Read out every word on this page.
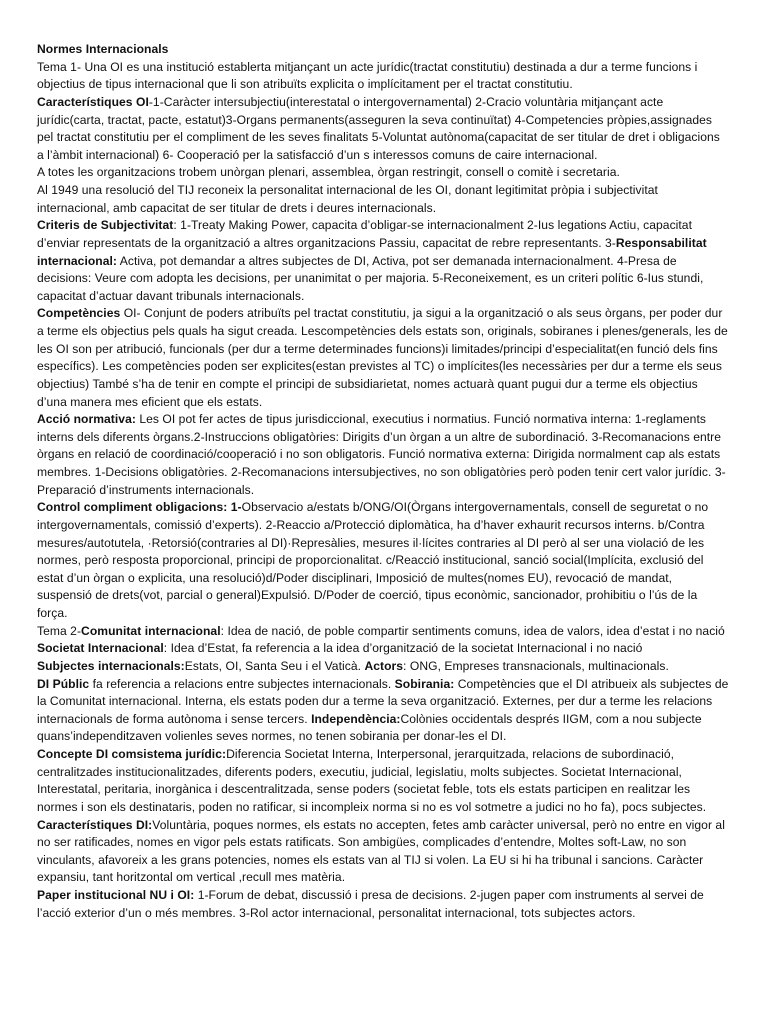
Normes Internacionals

Tema 1- Una OI es una institució establerta mitjançant un acte jurídic(tractat constitutiu) destinada a dur a terme funcions i objectius de tipus internacional que li son atribuïts explicita o implícitament per el tractat constitutiu.

Característiques OI-1-Caràcter intersubjectiu(interestatal o intergovernamental) 2-Cracio voluntària mitjançant acte jurídic(carta, tractat, pacte, estatut)3-Organs permanents(asseguren la seva continuïtat) 4-Competencies pròpies,assignades pel tractat constitutiu per el compliment de les seves finalitats 5-Voluntat autònoma(capacitat de ser titular de dret i obligacions a l’àmbit internacional) 6- Cooperació per la satisfacció d’un s interessos comuns de caire internacional.

A totes les organitzacions trobem unòrgan plenari, assemblea, òrgan restringit, consell o comitè i secretaria.

Al 1949 una resolució del TIJ reconeix la personalitat internacional de les OI, donant legitimitat pròpia i subjectivitat internacional, amb capacitat de ser titular de drets i deures internacionals.

Criteris de Subjectivitat: 1-Treaty Making Power, capacita d’obligar-se internacionalment 2-Ius legations Actiu, capacitat d’enviar representats de la organització a altres organitzacions Passiu, capacitat de rebre representants. 3-Responsabilitat internacional: Activa, pot demandar a altres subjectes de DI, Activa, pot ser demanada internacionalment. 4-Presa de decisions: Veure com adopta les decisions, per unanimitat o per majoria. 5-Reconeixement, es un criteri polític 6-Ius stundi, capacitat d’actuar davant tribunals internacionals.

Competències OI- Conjunt de poders atribuïts pel tractat constitutiu, ja sigui a la organització o als seus òrgans, per poder dur a terme els objectius pels quals ha sigut creada. Lescompetències dels estats son, originals, sobiranes i plenes/generals, les de les OI son per atribució, funcionals (per dur a terme determinades funcions)i limitades/principi d’especialitat(en funció dels fins específics). Les competències poden ser explicites(estan previstes al TC) o implícites(les necessàries per dur a terme els seus objectius) També s’ha de tenir en compte el principi de subsidiarietat, nomes actuarà quant pugui dur a terme els objectius d’una manera mes eficient que els estats.

Acció normativa: Les OI pot fer actes de tipus jurisdiccional, executius i normatius. Funció normativa interna: 1-reglaments interns dels diferents òrgans.2-Instruccions obligatòries: Dirigits d’un òrgan a un altre de subordinació. 3-Recomanacions entre òrgans en relació de coordinació/cooperació i no son obligatoris. Funció normativa externa: Dirigida normalment cap als estats membres. 1-Decisions obligatòries. 2-Recomanacions intersubjectives, no son obligatòries però poden tenir cert valor jurídic. 3- Preparació d’instruments internacionals.

Control compliment obligacions: 1-Observacio a/estats b/ONG/OI(Òrgans intergovernamentals, consell de seguretat o no intergovernamentals, comissió d’experts). 2-Reaccio a/Protecció diplomàtica, ha d’haver exhaurit recursos interns. b/Contra mesures/autotutela, ·Retorsió(contraries al DI)·Represàlies, mesures il·lícites contraries al DI però al ser una violació de les normes, però resposta proporcional, principi de proporcionalitat. c/Reacció institucional, sanció social(Implícita, exclusió del estat d’un òrgan o explicita, una resolució)d/Poder disciplinari, Imposició de multes(nomes EU), revocació de mandat, suspensió de drets(vot, parcial o general)Expulsió. D/Poder de coerció, tipus econòmic, sancionador, prohibitiu o l’ús de la força.

Tema 2-Comunitat internacional: Idea de nació, de poble compartir sentiments comuns, idea de valors, idea d’estat i no nació Societat Internacional: Idea d’Estat, fa referencia a la idea d’organització de la societat Internacional i no nació

Subjectes internacionals:Estats, OI, Santa Seu i el Vaticà. Actors: ONG, Empreses transnacionals, multinacionals.

DI Públic fa referencia a relacions entre subjectes internacionals. Sobirania: Competències que el DI atribueix als subjectes de la Comunitat internacional. Interna, els estats poden dur a terme la seva organització. Externes, per dur a terme les relacions internacionals de forma autònoma i sense tercers. Independència:Colònies occidentals després IIGM, com a nou subjecte quans’independitzaven volienles seves normes, no tenen sobirania per donar-les el DI.

Concepte DI comsistema jurídic:Diferencia Societat Interna, Interpersonal, jerarquitzada, relacions de subordinació, centralitzades institucionalitzades, diferents poders, executiu, judicial, legislatiu, molts subjectes. Societat Internacional, Interestatal, peritaria, inorgànica i descentralitzada, sense poders (societat feble, tots els estats participen en realitzar les normes i son els destinataris, poden no ratificar, si incompleix norma si no es vol sotmetre a judici no ho fa), pocs subjectes.

Característiques DI:Voluntària, poques normes, els estats no accepten, fetes amb caràcter universal, però no entre en vigor al no ser ratificades, nomes en vigor pels estats ratificats. Son ambigües, complicades d’entendre, Moltes soft-Law, no son vinculants, afavoreix a les grans potencies, nomes els estats van al TIJ si volen. La EU si hi ha tribunal i sancions. Caràcter expansiu, tant horitzontal om vertical ,recull mes matèria.

Paper institucional NU i OI: 1-Forum de debat, discussió i presa de decisions. 2-jugen paper com instruments al servei de l’acció exterior d’un o més membres. 3-Rol actor internacional, personalitat internacional, tots subjectes actors.
